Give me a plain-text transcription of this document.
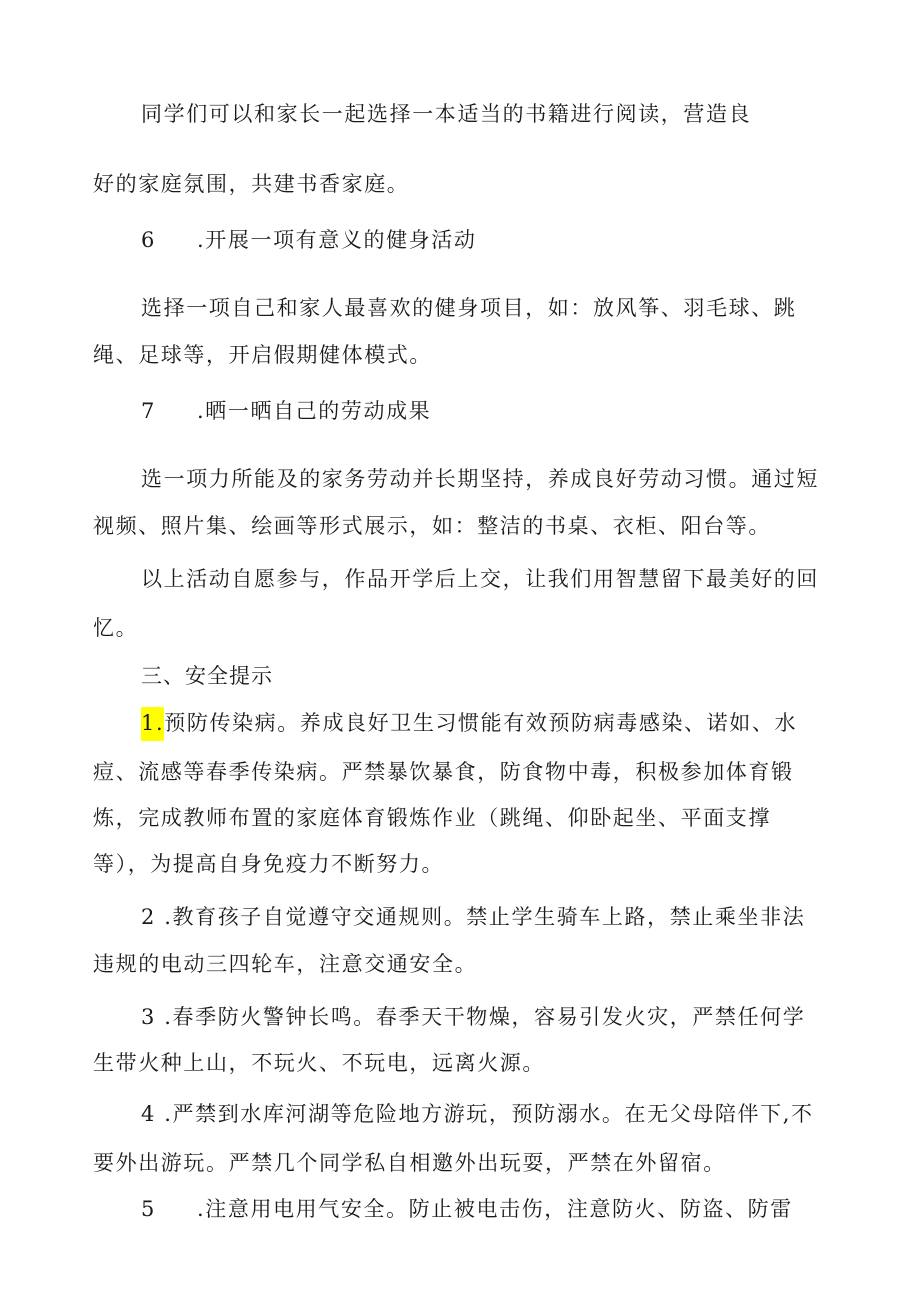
同学们可以和家长一起选择一本适当的书籍进行阅读，营造良
好的家庭氛围，共建书香家庭。
6 .开展一项有意义的健身活动
选择一项自己和家人最喜欢的健身项目，如：放风筝、羽毛球、跳
绳、足球等，开启假期健体模式。
7 .晒一晒自己的劳动成果
选一项力所能及的家务劳动并长期坚持，养成良好劳动习惯。通过短
视频、照片集、绘画等形式展示，如：整洁的书桌、衣柜、阳台等。
以上活动自愿参与，作品开学后上交，让我们用智慧留下最美好的回
忆。
三、安全提示
1.预防传染病。养成良好卫生习惯能有效预防病毒感染、诺如、水
痘、流感等春季传染病。严禁暴饮暴食，防食物中毒，积极参加体育锻
炼，完成教师布置的家庭体育锻炼作业（跳绳、仰卧起坐、平面支撑
等），为提高自身免疫力不断努力。
2 .教育孩子自觉遵守交通规则。禁止学生骑车上路，禁止乘坐非法
违规的电动三四轮车，注意交通安全。
3 .春季防火警钟长鸣。春季天干物燥，容易引发火灾，严禁任何学
生带火种上山，不玩火、不玩电，远离火源。
4 .严禁到水库河湖等危险地方游玩，预防溺水。在无父母陪伴下,不
要外出游玩。严禁几个同学私自相邀外出玩耍，严禁在外留宿。
5 .注意用电用气安全。防止被电击伤，注意防火、防盗、防雷
